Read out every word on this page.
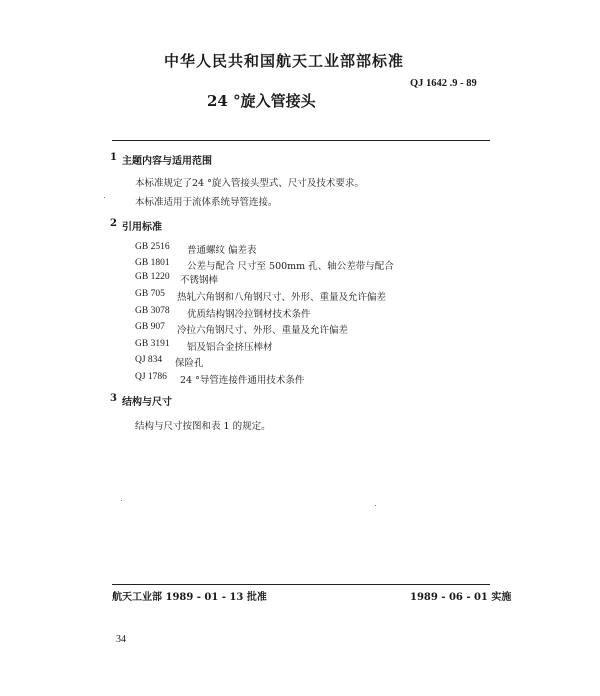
中华人民共和国航天工业部部标准
QJ 1642 .9 - 89
24 °旋入管接头
1 主题内容与适用范围
本标准规定了24 °旋入管接头型式、尺寸及技术要求。
本标准适用于流体系统导管连接。
2 引用标准
GB 2516 普通螺纹 偏差表
GB 1801 公差与配合 尺寸至 500mm 孔、轴公差带与配合
GB 1220 不锈钢棒
GB 705 热轧六角钢和八角钢尺寸、外形、重量及允许偏差
GB 3078 优质结构钢冷拉钢材技术条件
GB 907 冷拉六角钢尺寸、外形、重量及允许偏差
GB 3191 铝及铝合金挤压棒材
QJ 834 保险孔
QJ 1786 24 °导管连接件通用技术条件
3 结构与尺寸
结构与尺寸按图和表 1 的规定。
航天工业部 1989 - 01 - 13 批准	1989 - 06 - 01 实施
34
